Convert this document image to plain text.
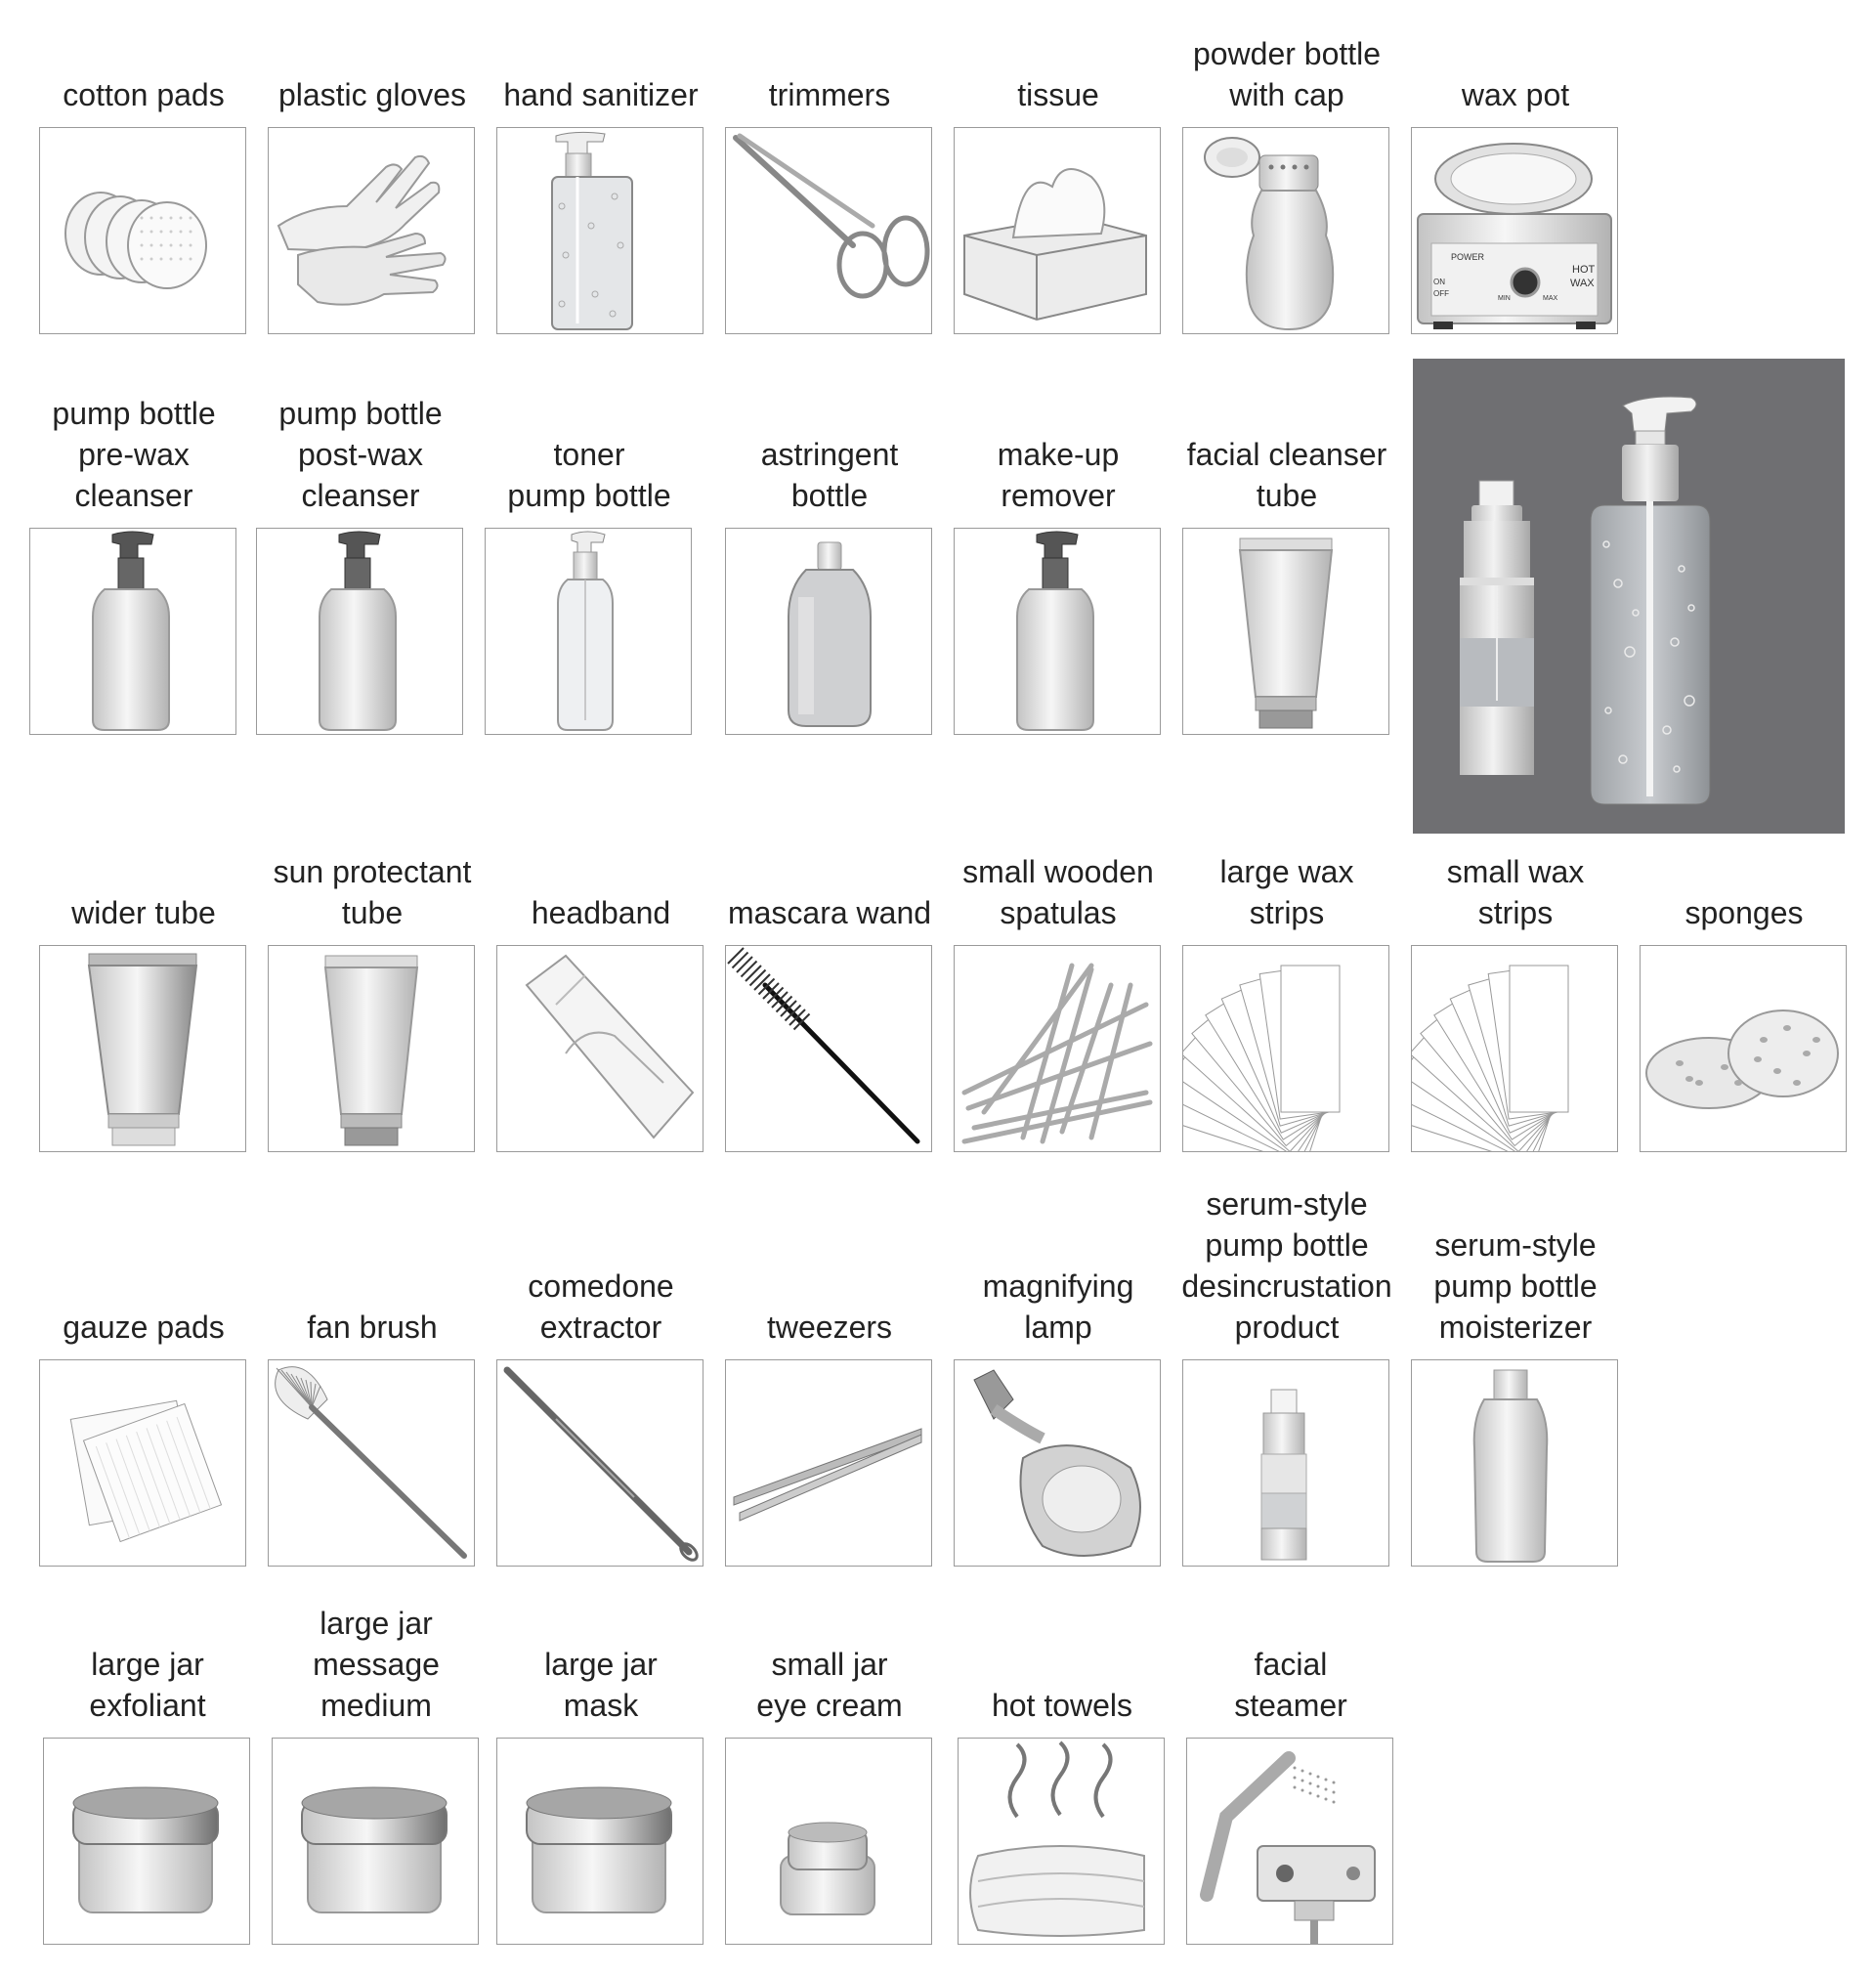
cotton pads	plastic gloves	hand sanitizer	trimmers	tissue
powder bottle
with cap	wax pot
POWER
ON
OFF
MIN	MAX
HOT
WAX
pump bottle
pre-wax
cleanser
pump bottle
post-wax
cleanser
toner
pump bottle
astringent
bottle
make-up
remover
facial cleanser
tube
wider tube
sun protectant
tube	headband	mascara wand
small wooden
spatulas
large wax
strips
small wax
strips	sponges
gauze pads	fan brush
comedone
extractor	tweezers
magnifying
lamp
serum-style
pump bottle
desincrustation
product
serum-style
pump bottle
moisterizer
large jar
exfoliant
large jar
message
medium
large jar
mask
small jar
eye cream	hot towels
facial
steamer
